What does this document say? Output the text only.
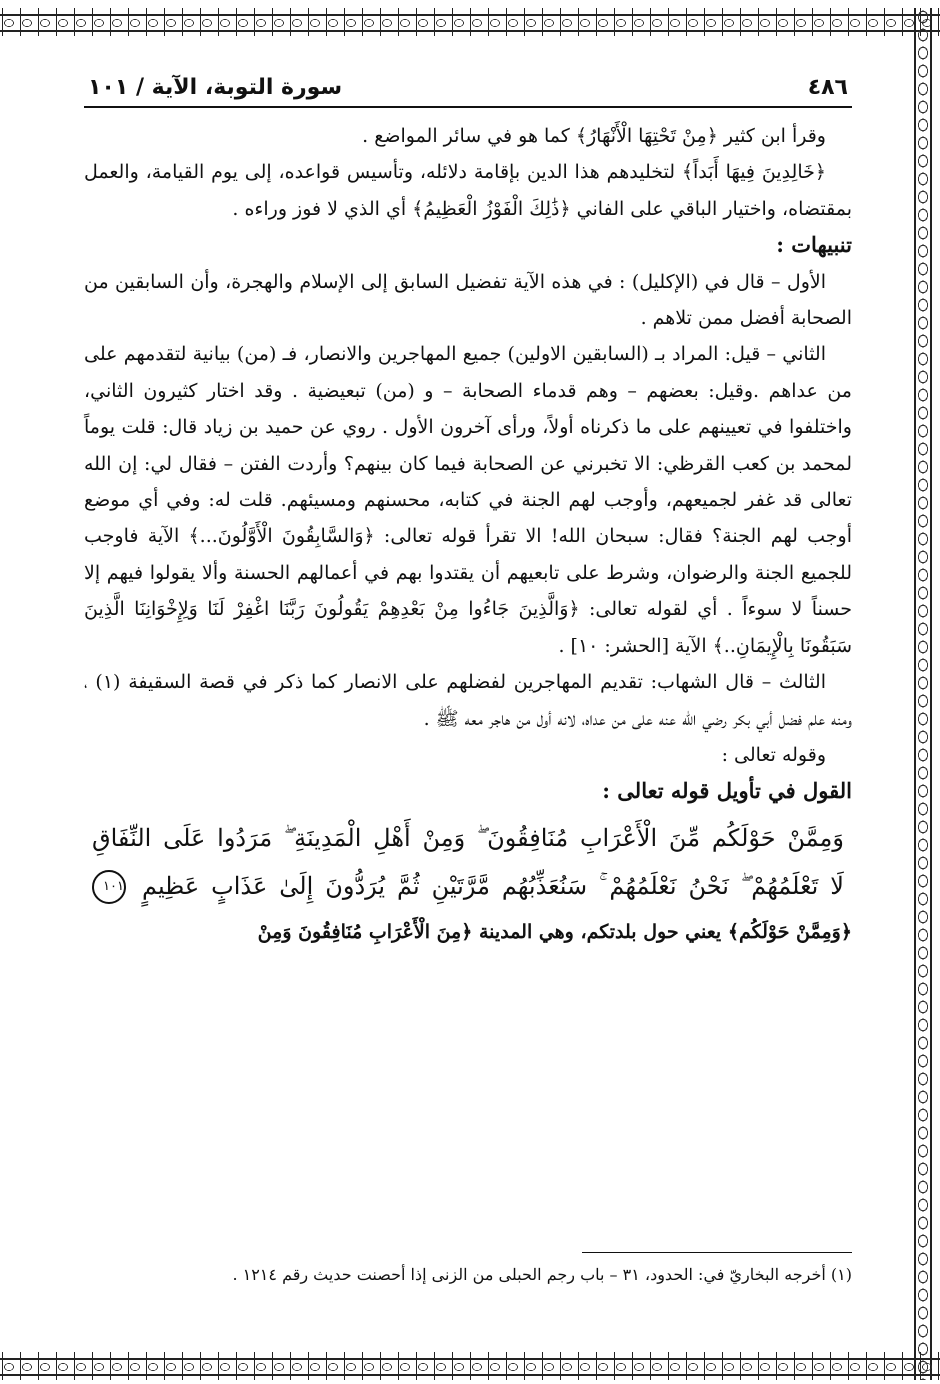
٤٨٦
سورة التوبة، الآية / ١٠١

وقرأ ابن كثير ﴿مِنْ تَحْتِهَا الْأَنْهَارُ﴾ كما هو في سائر المواضع .

﴿خَالِدِينَ فِيهَا أَبَداً﴾ لتخليدهم هذا الدين بإقامة دلائله، وتأسيس قواعده، إلى يوم القيامة، والعمل بمقتضاه، واختيار الباقي على الفاني ﴿ذَٰلِكَ الْفَوْزُ الْعَظِيمُ﴾ أي الذي لا فوز وراءه .

تنبيهات :

الأول – قال في (الإكليل) : في هذه الآية تفضيل السابق إلى الإسلام والهجرة، وأن السابقين من الصحابة أفضل ممن تلاهم .

الثاني – قيل: المراد بـ (السابقين الاولين) جميع المهاجرين والانصار، فـ (من) بيانية لتقدمهم على من عداهم .وقيل: بعضهم – وهم قدماء الصحابة – و (من) تبعيضية . وقد اختار كثيرون الثاني، واختلفوا في تعيينهم على ما ذكرناه أولاً، ورأى آخرون الأول . روي عن حميد بن زياد قال: قلت يوماً لمحمد بن كعب القرظي: الا تخبرني عن الصحابة فيما كان بينهم؟ وأردت الفتن – فقال لي: إن الله تعالى قد غفر لجميعهم، وأوجب لهم الجنة في كتابه، محسنهم ومسيئهم. قلت له: وفي أي موضع أوجب لهم الجنة؟ فقال: سبحان الله! الا تقرأ قوله تعالى: ﴿وَالسَّابِقُونَ الْأَوَّلُونَ...﴾ الآية فاوجب للجميع الجنة والرضوان، وشرط على تابعيهم أن يقتدوا بهم في أعمالهم الحسنة وألا يقولوا فيهم إلا حسناً لا سوءاً . أي لقوله تعالى: ﴿وَالَّذِينَ جَاءُوا مِنْ بَعْدِهِمْ يَقُولُونَ رَبَّنَا اغْفِرْ لَنَا وَلِإِخْوَانِنَا الَّذِينَ سَبَقُونَا بِالْإِيمَانِ..﴾ الآية [الحشر: ١٠] .

الثالث – قال الشهاب: تقديم المهاجرين لفضلهم على الانصار كما ذكر في قصة السقيفة (١) ، ومنه علم فضل أبي بكر رضي الله عنه على من عداه، لانه أول من هاجر معه ﷺ .

وقوله تعالى :

القول في تأويل قوله تعالى :

وَمِمَّنْ حَوْلَكُم مِّنَ الْأَعْرَابِ مُنَافِقُونَ ۖ وَمِنْ أَهْلِ الْمَدِينَةِ ۖ مَرَدُوا عَلَى النِّفَاقِ
لَا تَعْلَمُهُمْ ۖ نَحْنُ نَعْلَمُهُمْ ۚ سَنُعَذِّبُهُم مَّرَّتَيْنِ ثُمَّ يُرَدُّونَ إِلَىٰ عَذَابٍ عَظِيمٍ ١٠١

﴿وَمِمَّنْ حَوْلَكُم﴾ يعني حول بلدتكم، وهي المدينة ﴿مِنَ الْأَعْرَابِ مُنَافِقُونَ وَمِنْ

(١) أخرجه البخاريّ في: الحدود، ٣١ – باب رجم الحبلى من الزنى إذا أحصنت حديث رقم ١٢١٤ .
